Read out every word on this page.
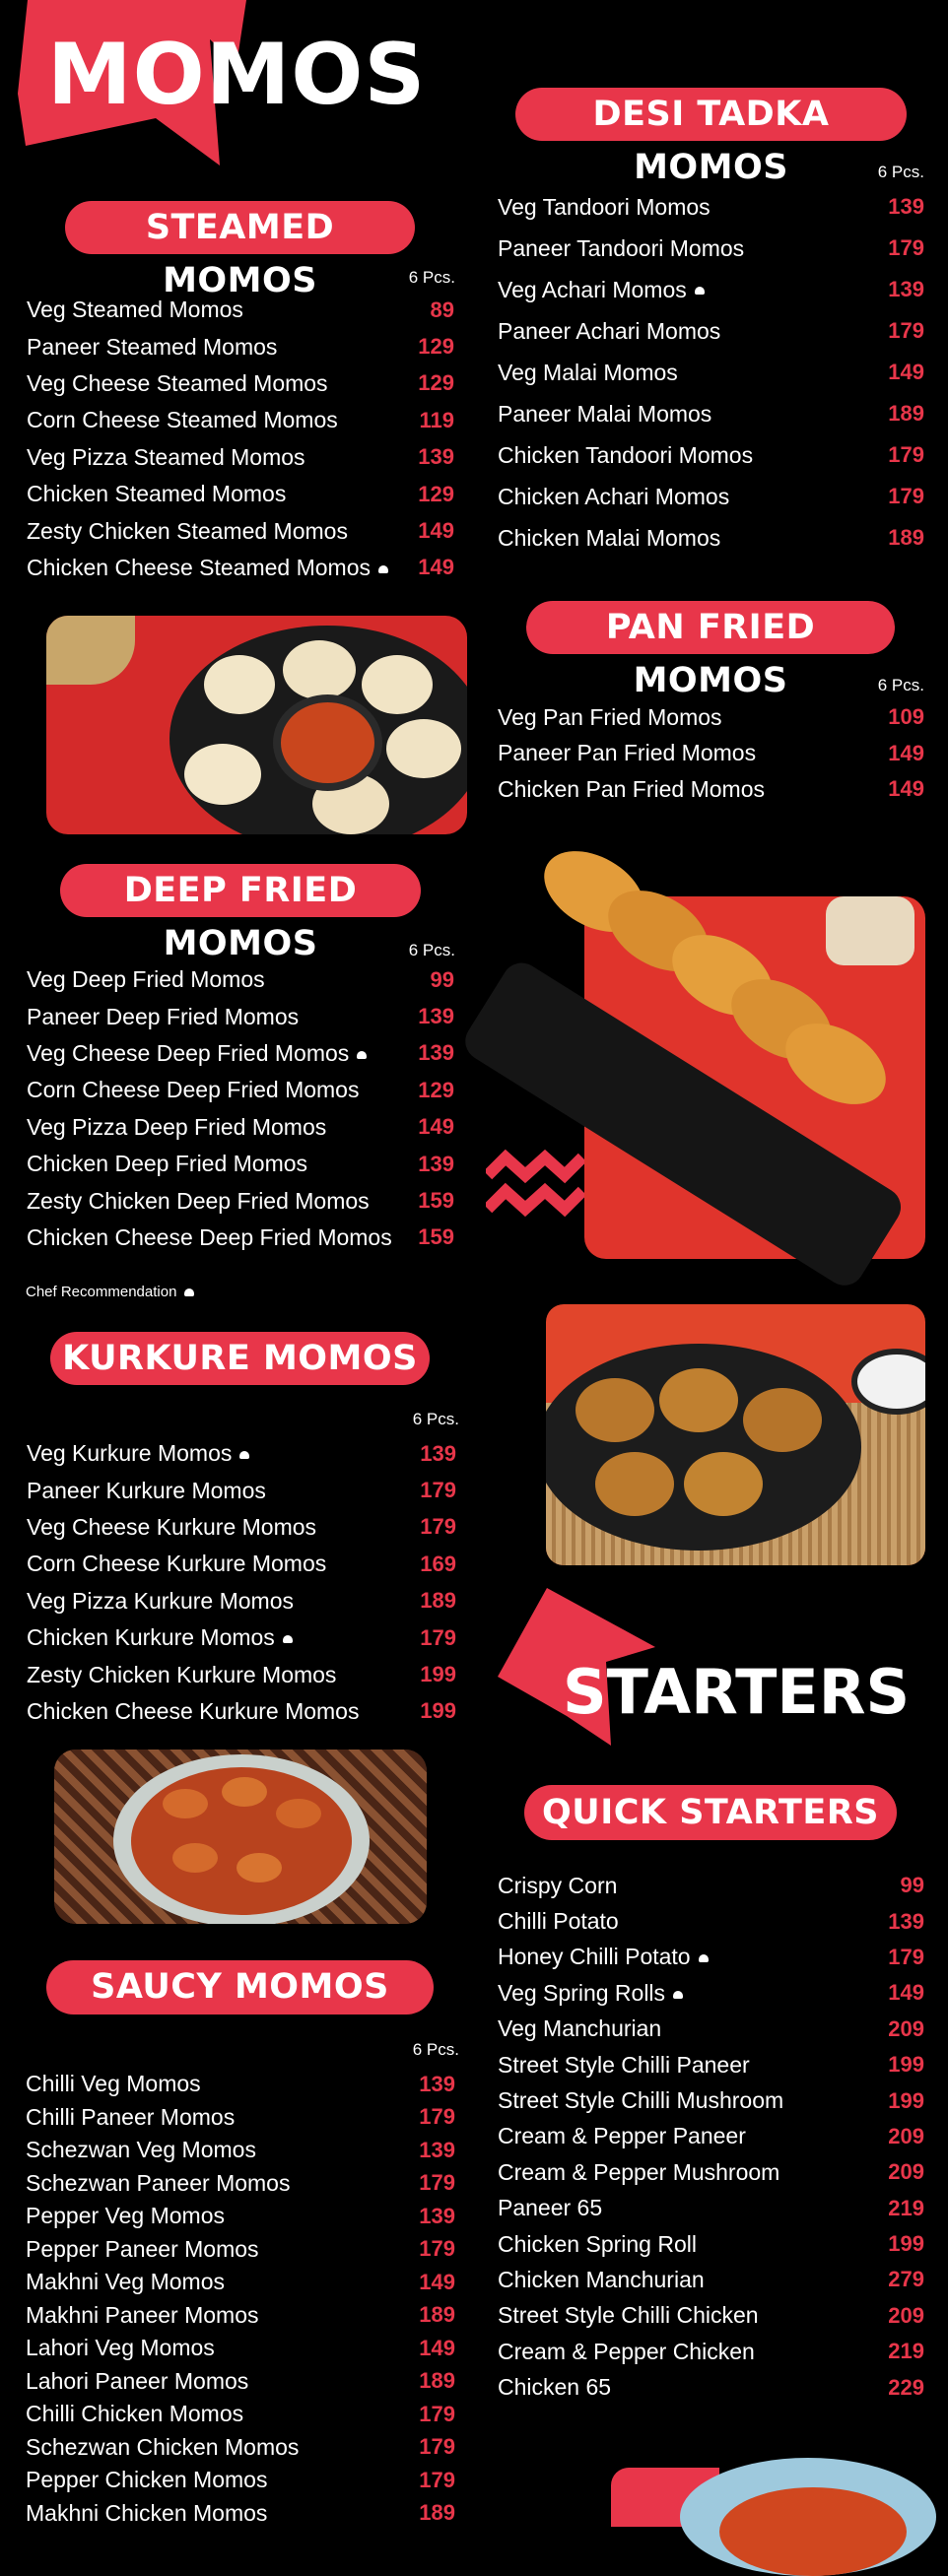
MOMOS
STEAMED MOMOS	6 Pcs.
Veg Steamed Momos	89
Paneer Steamed Momos	129
Veg Cheese Steamed Momos	129
Corn Cheese Steamed Momos	119
Veg Pizza Steamed Momos	139
Chicken Steamed Momos	129
Zesty Chicken Steamed Momos	149
Chicken Cheese Steamed Momos	149
DEEP FRIED MOMOS	6 Pcs.
Veg Deep Fried Momos	99
Paneer Deep Fried Momos	139
Veg Cheese Deep Fried Momos	139
Corn Cheese Deep Fried Momos	129
Veg Pizza Deep Fried Momos	149
Chicken Deep Fried Momos	139
Zesty Chicken Deep Fried Momos 159
Chicken Cheese Deep Fried Momos 159
Chef Recommendation
KURKURE MOMOS
6 Pcs.
Veg Kurkure Momos	139
Paneer Kurkure Momos	179
Veg Cheese Kurkure Momos	179
Corn Cheese Kurkure Momos	169
Veg Pizza Kurkure Momos	189
Chicken Kurkure Momos	179
Zesty Chicken Kurkure Momos	199
Chicken Cheese Kurkure Momos	199
SAUCY MOMOS
6 Pcs.
Chilli Veg Momos	139
Chilli Paneer Momos	179
Schezwan Veg Momos	139
Schezwan Paneer Momos	179
Pepper Veg Momos	139
Pepper Paneer Momos	179
Makhni Veg Momos	149
Makhni Paneer Momos	189
Lahori Veg Momos	149
Lahori Paneer Momos	189
Chilli Chicken Momos	179
Schezwan Chicken Momos	179
Pepper Chicken Momos	179
Makhni Chicken Momos	189
DESI TADKA MOMOS	6 Pcs.
Veg Tandoori Momos	139
Paneer Tandoori Momos	179
Veg Achari Momos	139
Paneer Achari Momos	179
Veg Malai Momos	149
Paneer Malai Momos	189
Chicken Tandoori Momos	179
Chicken Achari Momos	179
Chicken Malai Momos	189
PAN FRIED MOMOS	6 Pcs.
Veg Pan Fried Momos	109
Paneer Pan Fried Momos	149
Chicken Pan Fried Momos	149
STARTERS
QUICK STARTERS
Crispy Corn	99
Chilli Potato	139
Honey Chilli Potato	179
Veg Spring Rolls	149
Veg Manchurian	209
Street Style Chilli Paneer	199
Street Style Chilli Mushroom	199
Cream & Pepper Paneer	209
Cream & Pepper Mushroom	209
Paneer 65	219
Chicken Spring Roll	199
Chicken Manchurian	279
Street Style Chilli Chicken	209
Cream & Pepper Chicken	219
Chicken 65	229
